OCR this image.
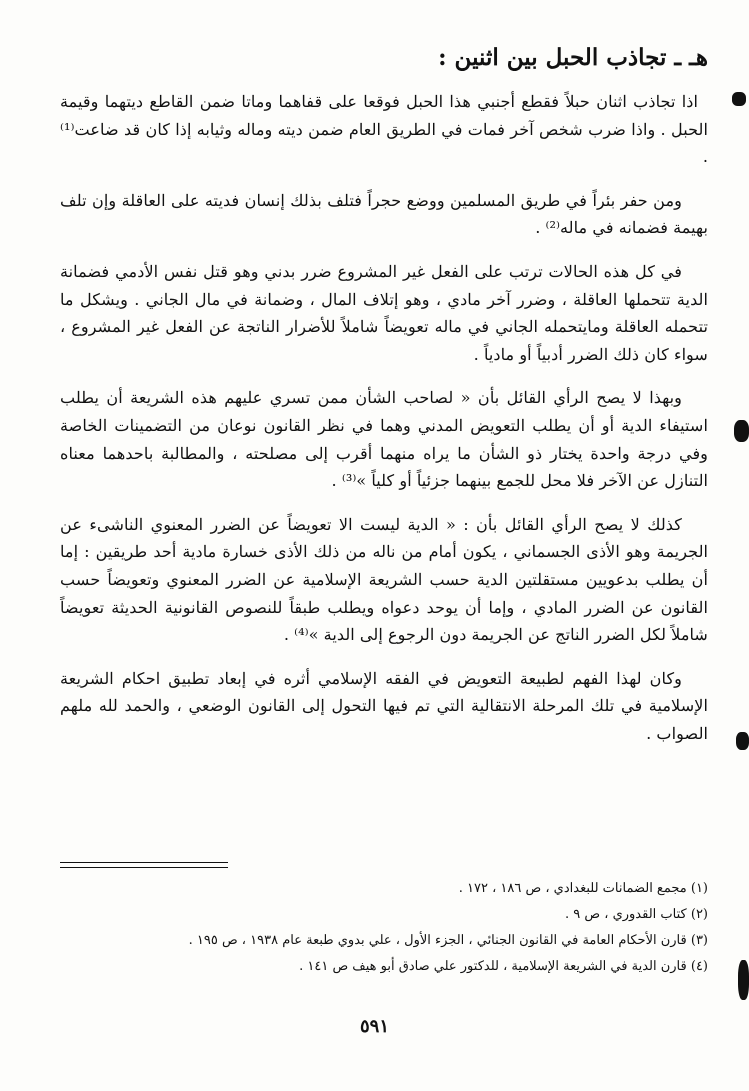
هـ ـ تجاذب الحبل بين اثنين :

اذا تجاذب اثنان حبلاً فقطع أجنبي هذا الحبل فوقعا على قفاهما وماتا ضمن القاطع ديتهما وقيمة الحبل . واذا ضرب شخص آخر فمات في الطريق العام ضمن ديته وماله وثيابه إذا كان قد ضاعت⁽¹⁾ .

ومن حفر بئراً في طريق المسلمين ووضع حجراً فتلف بذلك إنسان فديته على العاقلة وإن تلف بهيمة فضمانه في ماله⁽²⁾ .

في كل هذه الحالات ترتب على الفعل غير المشروع ضرر بدني وهو قتل نفس الأدمي فضمانة الدية تتحملها العاقلة ، وضرر آخر مادي ، وهو إتلاف المال ، وضمانة في مال الجاني . ويشكل ما تتحمله العاقلة ومايتحمله الجاني في ماله تعويضاً شاملاً للأضرار الناتجة عن الفعل غير المشروع ، سواء كان ذلك الضرر أدبياً أو مادياً .

وبهذا لا يصح الرأي القائل بأن « لصاحب الشأن ممن تسري عليهم هذه الشريعة أن يطلب استيفاء الدية أو أن يطلب التعويض المدني وهما في نظر القانون نوعان من التضمينات الخاصة وفي درجة واحدة يختار ذو الشأن ما يراه منهما أقرب إلى مصلحته ، والمطالبة باحدهما معناه التنازل عن الآخر فلا محل للجمع بينهما جزئياً أو كلياً »⁽³⁾ .

كذلك لا يصح الرأي القائل بأن : « الدية ليست الا تعويضاً عن الضرر المعنوي الناشىء عن الجريمة وهو الأذى الجسماني ، يكون أمام من ناله من ذلك الأذى خسارة مادية أحد طريقين : إما أن يطلب بدعويين مستقلتين الدية حسب الشريعة الإسلامية عن الضرر المعنوي وتعويضاً حسب القانون عن الضرر المادي ، وإما أن يوحد دعواه ويطلب طبقاً للنصوص القانونية الحديثة تعويضاً شاملاً لكل الضرر الناتج عن الجريمة دون الرجوع إلى الدية »⁽⁴⁾ .

وكان لهذا الفهم لطبيعة التعويض في الفقه الإسلامي أثره في إبعاد تطبيق احكام الشريعة الإسلامية في تلك المرحلة الانتقالية التي تم فيها التحول إلى القانون الوضعي ، والحمد لله ملهم الصواب .

(١) مجمع الضمانات للبغدادي ، ص ١٨٦ ، ١٧٢ .

(٢) كتاب القدوري ، ص ٩ .

(٣) قارن الأحكام العامة في القانون الجنائي ، الجزء الأول ، علي بدوي طبعة عام ١٩٣٨ ، ص ١٩٥ .

(٤) قارن الدية في الشريعة الإسلامية ، للدكتور علي صادق أبو هيف ص ١٤١ .

٥٩١
